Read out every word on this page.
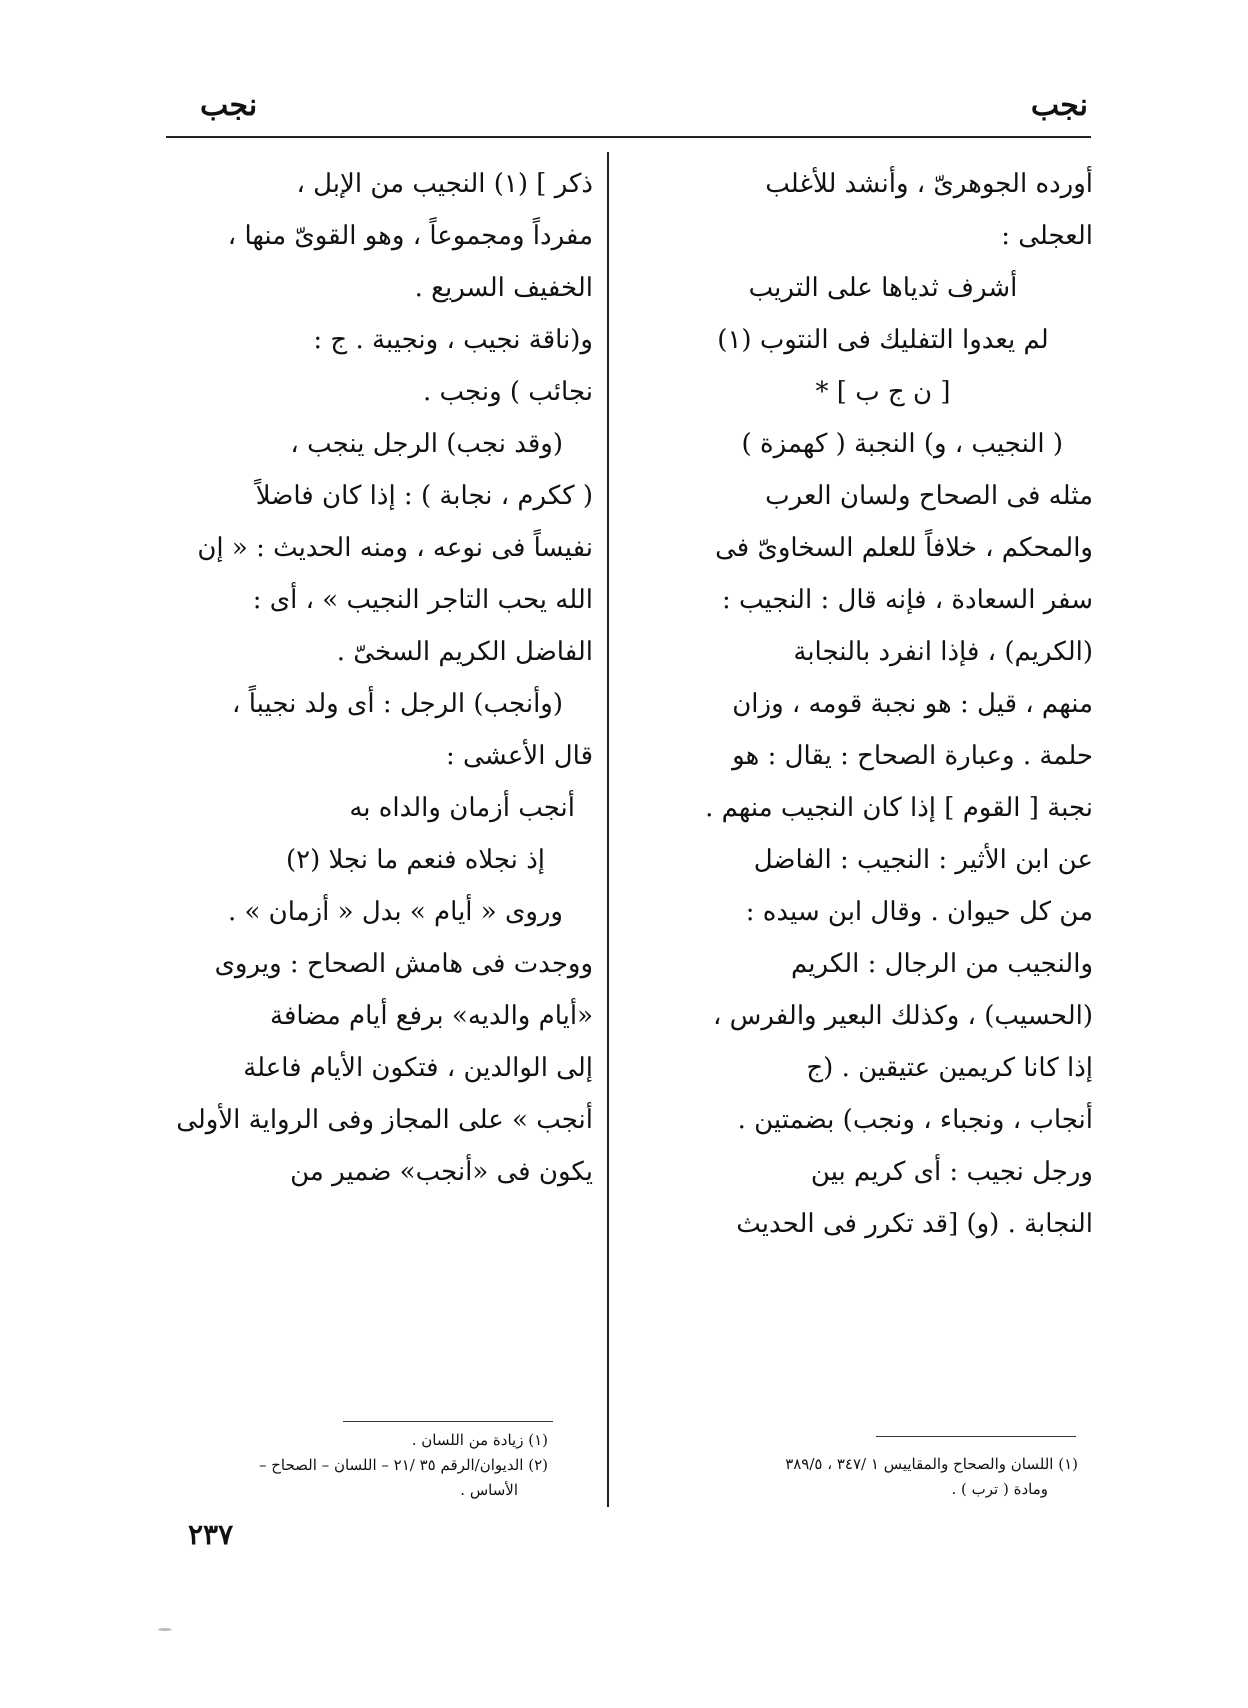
نجب
نجب
أورده الجوهرىّ ، وأنشد للأغلب
العجلى :
أشرف ثدياها على التريب
لم يعدوا التفليك فى النتوب (١)
[ ن ج ب ] *
( النجيب ، و) النجبة ( كهمزة )
مثله فى الصحاح ولسان العرب
والمحكم ، خلافاً للعلم السخاوىّ فى
سفر السعادة ، فإنه قال : النجيب :
(الكريم) ، فإذا انفرد بالنجابة
منهم ، قيل : هو نجبة قومه ، وزان
حلمة . وعبارة الصحاح : يقال : هو
نجبة [ القوم ] إذا كان النجيب منهم .
عن ابن الأثير : النجيب : الفاضل
من كل حيوان . وقال ابن سيده :
والنجيب من الرجال : الكريم
(الحسيب) ، وكذلك البعير والفرس ،
إذا كانا كريمين عتيقين . (ج
أنجاب ، ونجباء ، ونجب) بضمتين .
ورجل نجيب : أى كريم بين
النجابة . (و) [قد تكرر فى الحديث
ذكر ] (١) النجيب من الإبل ،
مفرداً ومجموعاً ، وهو القوىّ منها ،
الخفيف السريع .
و(ناقة نجيب ، ونجيبة . ج :
نجائب ) ونجب .
(وقد نجب) الرجل ينجب ،
( ككرم ، نجابة ) : إذا كان فاضلاً
نفيساً فى نوعه ، ومنه الحديث : « إن
الله يحب التاجر النجيب » ، أى :
الفاضل الكريم السخىّ .
(وأنجب) الرجل : أى ولد نجيباً ،
قال الأعشى :
أنجب أزمان والداه به
إذ نجلاه فنعم ما نجلا (٢)
وروى « أيام » بدل « أزمان » .
ووجدت فى هامش الصحاح : ويروى
«أيام والديه» برفع أيام مضافة
إلى الوالدين ، فتكون الأيام فاعلة
أنجب » على المجاز وفى الرواية الأولى
يكون فى «أنجب» ضمير من
(١) اللسان والصحاح والمقاييس ١ /٣٤٧ ، ٣٨٩/٥
ومادة ( ترب ) .
(١) زيادة من اللسان .
(٢) الديوان/الرقم ٣٥ /٢١ – اللسان – الصحاح –
الأساس .
٢٣٧
